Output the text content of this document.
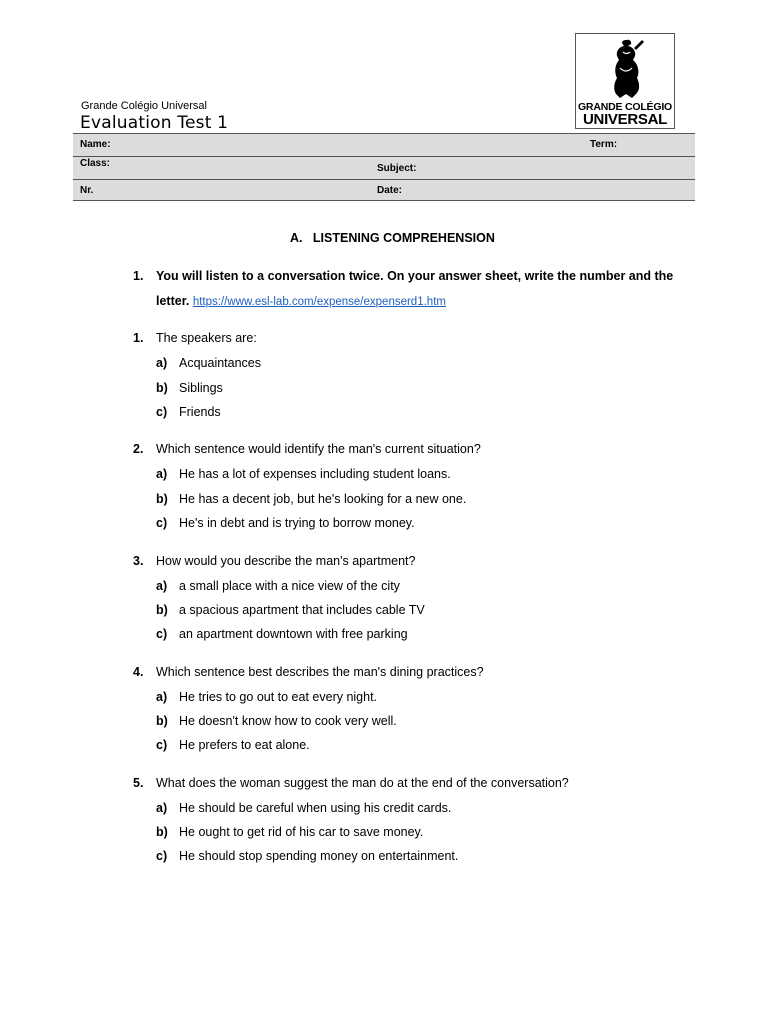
Grande Colégio Universal
Evaluation Test 1
GRANDE COLÉGIO
UNIVERSAL
Name:	Term:
Class:	Subject:
Nr.	Date:
A. LISTENING COMPREHENSION
1. You will listen to a conversation twice. On your answer sheet, write the number and the letter. https://www.esl-lab.com/expense/expenserd1.htm
1. The speakers are:
a) Acquaintances
b) Siblings
c) Friends
2. Which sentence would identify the man's current situation?
a) He has a lot of expenses including student loans.
b) He has a decent job, but he's looking for a new one.
c) He's in debt and is trying to borrow money.
3. How would you describe the man's apartment?
a) a small place with a nice view of the city
b) a spacious apartment that includes cable TV
c) an apartment downtown with free parking
4. Which sentence best describes the man's dining practices?
a) He tries to go out to eat every night.
b) He doesn't know how to cook very well.
c) He prefers to eat alone.
5. What does the woman suggest the man do at the end of the conversation?
a) He should be careful when using his credit cards.
b) He ought to get rid of his car to save money.
c) He should stop spending money on entertainment.
